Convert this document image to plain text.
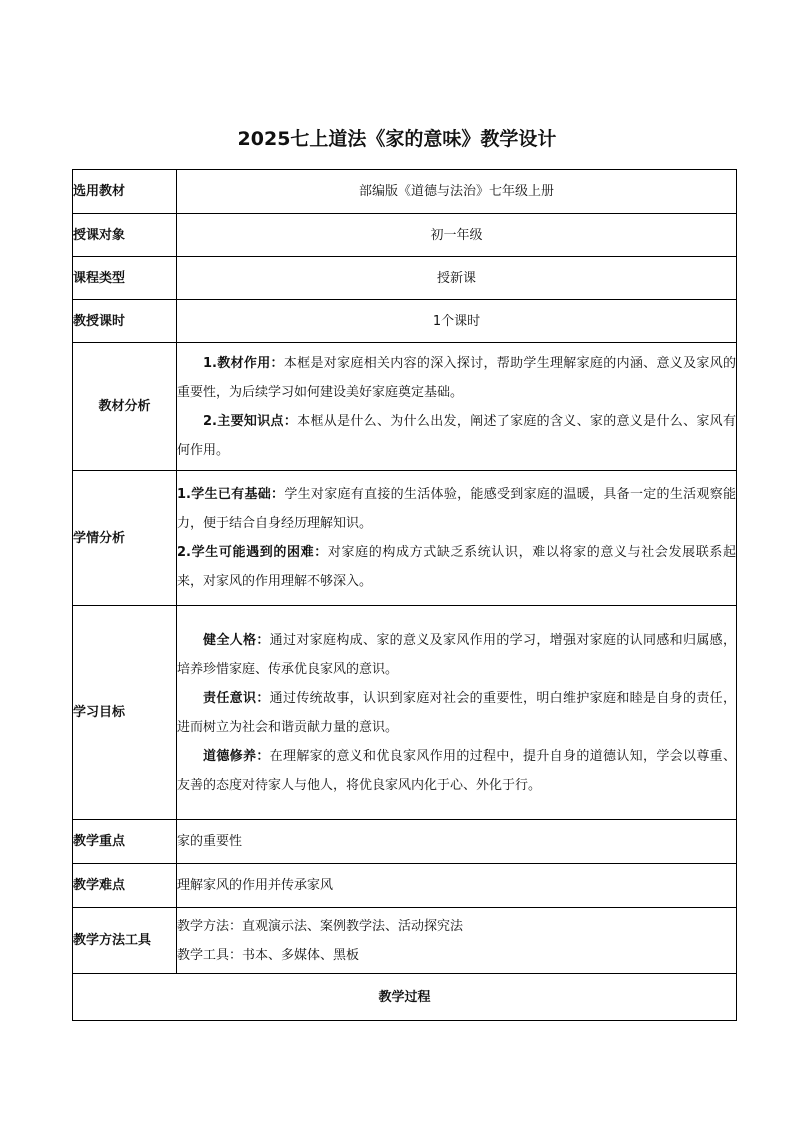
2025七上道法《家的意味》教学设计
选用教材	部编版《道德与法治》七年级上册
授课对象	初一年级
课程类型	授新课
教授课时	1个课时
教材分析	1.教材作用：本框是对家庭相关内容的深入探讨，帮助学生理解家庭的内涵、意义及家风的重要性，为后续学习如何建设美好家庭奠定基础。
2.主要知识点：本框从是什么、为什么出发，阐述了家庭的含义、家的意义是什么、家风有何作用。

学情分析	1.学生已有基础：学生对家庭有直接的生活体验，能感受到家庭的温暖，具备一定的生活观察能力，便于结合自身经历理解知识。
2.学生可能遇到的困难：对家庭的构成方式缺乏系统认识，难以将家的意义与社会发展联系起来，对家风的作用理解不够深入。

学习目标	健全人格：通过对家庭构成、家的意义及家风作用的学习，增强对家庭的认同感和归属感，培养珍惜家庭、传承优良家风的意识。
责任意识：通过传统故事，认识到家庭对社会的重要性，明白维护家庭和睦是自身的责任，进而树立为社会和谐贡献力量的意识。
道德修养：在理解家的意义和优良家风作用的过程中，提升自身的道德认知，学会以尊重、友善的态度对待家人与他人，将优良家风内化于心、外化于行。

教学重点	家的重要性
教学难点	理解家风的作用并传承家风
教学方法工具	教学方法：直观演示法、案例教学法、活动探究法
教学工具：书本、多媒体、黑板

教学过程	
